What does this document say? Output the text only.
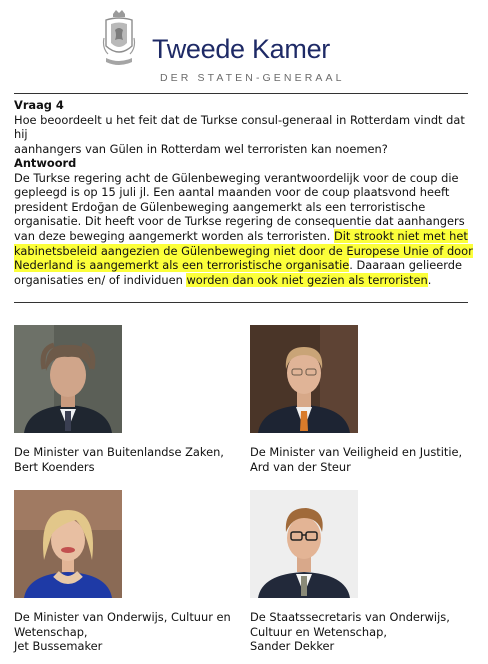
Tweede Kamer
DER STATEN-GENERAAL
Vraag 4
Hoe beoordeelt u het feit dat de Turkse consul-generaal in Rotterdam vindt dat hij
aanhangers van Gülen in Rotterdam wel terroristen kan noemen?
Antwoord
De Turkse regering acht de Gülenbeweging verantwoordelijk voor de coup die
gepleegd is op 15 juli jl. Een aantal maanden voor de coup plaatsvond heeft
president Erdoğan de Gülenbeweging aangemerkt als een terroristische
organisatie. Dit heeft voor de Turkse regering de consequentie dat aanhangers
van deze beweging aangemerkt worden als terroristen. Dit strookt niet met het
kabinetsbeleid aangezien de Gülenbeweging niet door de Europese Unie of door
Nederland is aangemerkt als een terroristische organisatie. Daaraan gelieerde
organisaties en/ of individuen worden dan ook niet gezien als terroristen.
De Minister van Buitenlandse Zaken,
Bert Koenders
De Minister van Veiligheid en Justitie,
Ard van der Steur
De Minister van Onderwijs, Cultuur en
Wetenschap,
Jet Bussemaker
De Staatssecretaris van Onderwijs,
Cultuur en Wetenschap,
Sander Dekker
